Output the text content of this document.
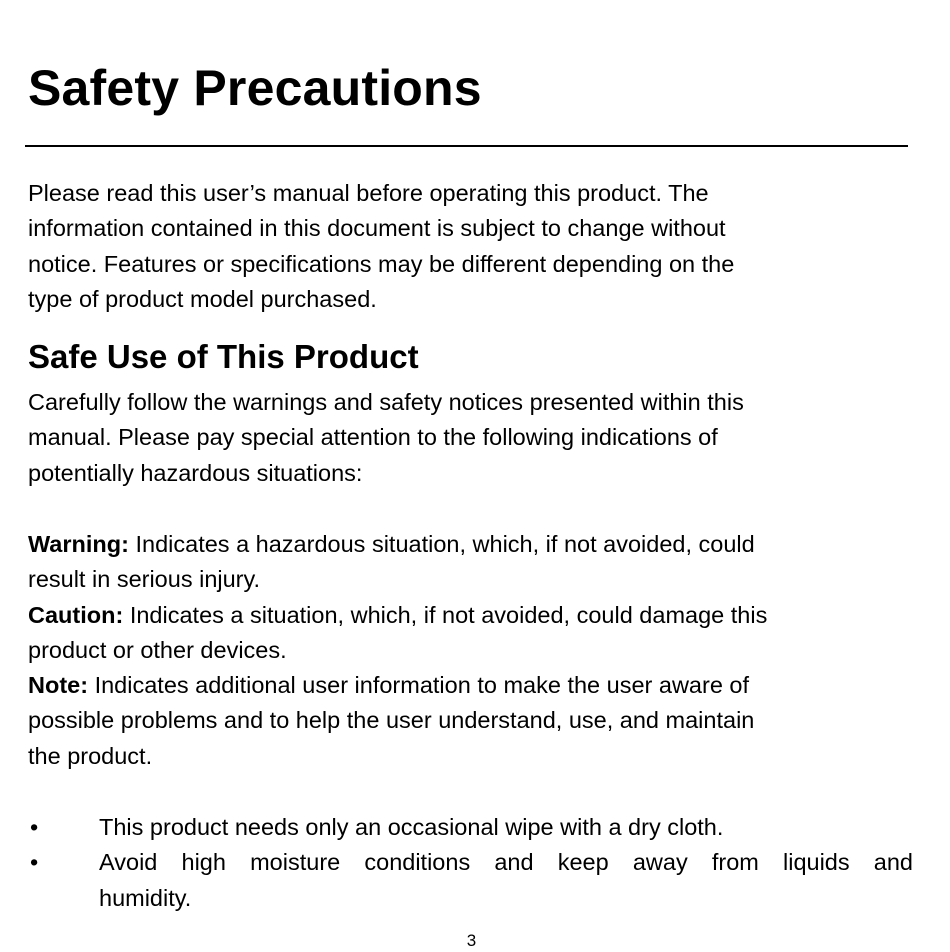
Safety Precautions

Please read this user’s manual before operating this product. The
information contained in this document is subject to change without
notice. Features or specifications may be different depending on the
type of product model purchased.

Safe Use of This Product

Carefully follow the warnings and safety notices presented within this
manual. Please pay special attention to the following indications of
potentially hazardous situations:

Warning: Indicates a hazardous situation, which, if not avoided, could
result in serious injury.
Caution: Indicates a situation, which, if not avoided, could damage this
product or other devices.
Note: Indicates additional user information to make the user aware of
possible problems and to help the user understand, use, and maintain
the product.

•	This product needs only an occasional wipe with a dry cloth.
•	Avoid high moisture conditions and keep away from liquids and
humidity.
3
